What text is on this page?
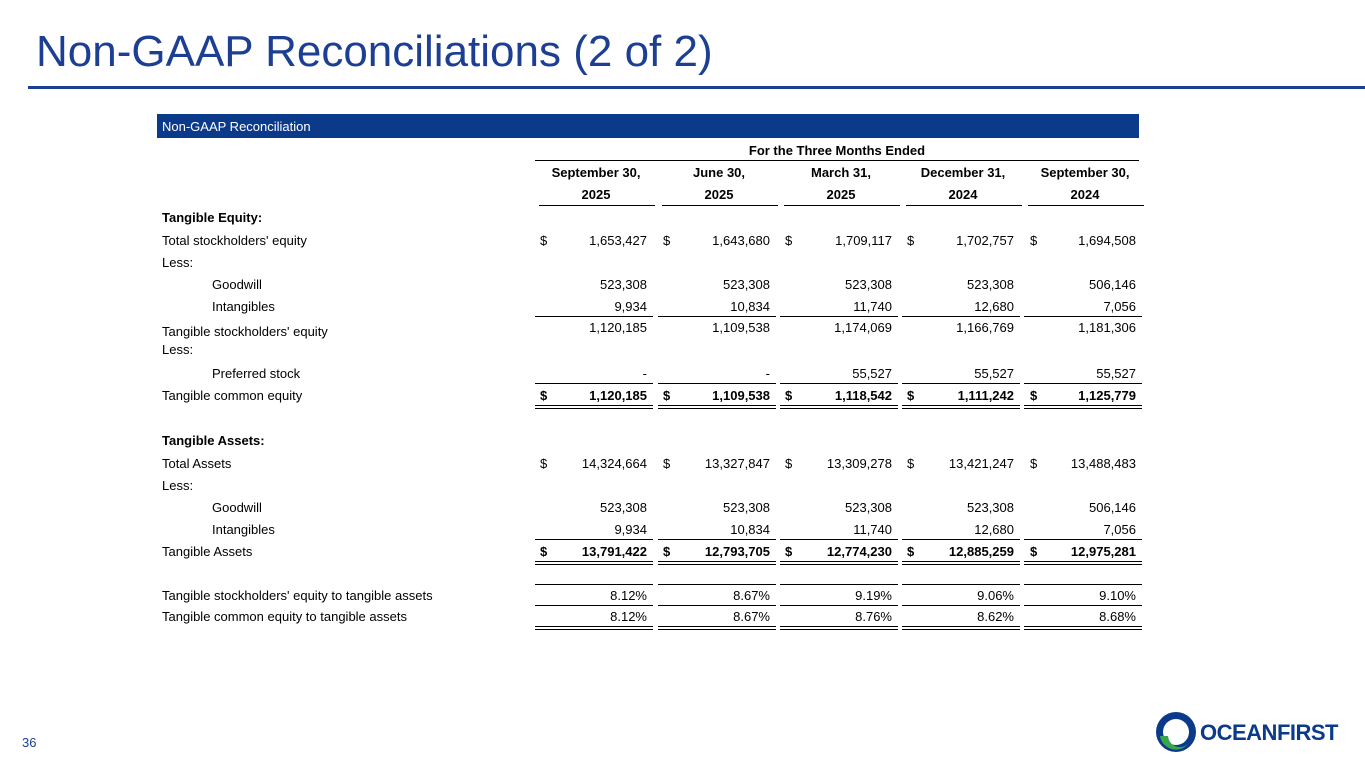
Non-GAAP Reconciliations (2 of 2)
Non-GAAP Reconciliation
For the Three Months Ended
September 30,
2025
June 30,
2025
March 31,
2025
December 31,
2024
September 30,
2024
Tangible Equity:
Total stockholders' equity	$	1,653,427 $	1,643,680 $	1,709,117 $	1,702,757 $	1,694,508
Less:
Goodwill	523,308	523,308	523,308	523,308	506,146
Intangibles	9,934	10,834	11,740	12,680	7,056
Tangible stockholders' equity	1,120,185	1,109,538	1,174,069	1,166,769	1,181,306
Less:
Preferred stock	-	-	55,527	55,527	55,527
Tangible common equity	$	1,120,185 $	1,109,538 $	1,118,542 $	1,111,242 $	1,125,779
Tangible Assets:
Total Assets	$	14,324,664 $	13,327,847 $	13,309,278 $	13,421,247 $	13,488,483
Less:
Goodwill	523,308	523,308	523,308	523,308	506,146
Intangibles	9,934	10,834	11,740	12,680	7,056
Tangible Assets	$	13,791,422 $	12,793,705 $	12,774,230 $	12,885,259 $	12,975,281
Tangible stockholders' equity to tangible assets	8.12%	8.67%	9.19%	9.06%	9.10%
Tangible common equity to tangible assets	8.12%	8.67%	8.76%	8.62%	8.68%
36	OCEANFIRST
